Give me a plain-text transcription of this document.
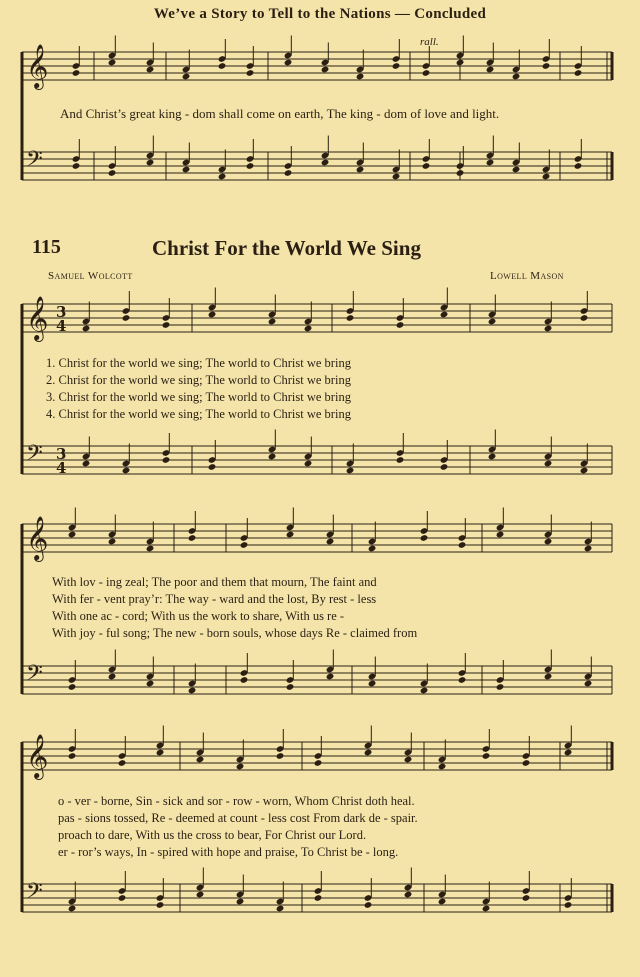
We’ve a Story to Tell to the Nations — Concluded
rall.
𝄞
𝄢
𝄞 3
4
𝄢 3
4
𝄞
𝄢
𝄞
𝄢
And Christ’s great king - dom shall come on earth, The king - dom of love and light.
115	Christ For the World We Sing
Samuel Wolcott	Lowell Mason
1. Christ for the world we sing; The world to Christ we bring
2. Christ for the world we sing; The world to Christ we bring
3. Christ for the world we sing; The world to Christ we bring
4. Christ for the world we sing; The world to Christ we bring
With lov - ing zeal; The poor and them that mourn, The faint and
With fer - vent pray’r: The way - ward and the lost, By rest - less
With one ac - cord; With us the work to share, With us re -
With joy - ful song; The new - born souls, whose days Re - claimed from
o - ver - borne, Sin - sick and sor - row - worn, Whom Christ doth heal.
pas - sions tossed, Re - deemed at count - less cost From dark de - spair.
proach to dare, With us the cross to bear, For Christ our Lord.
er - ror’s ways, In - spired with hope and praise, To Christ be - long.
